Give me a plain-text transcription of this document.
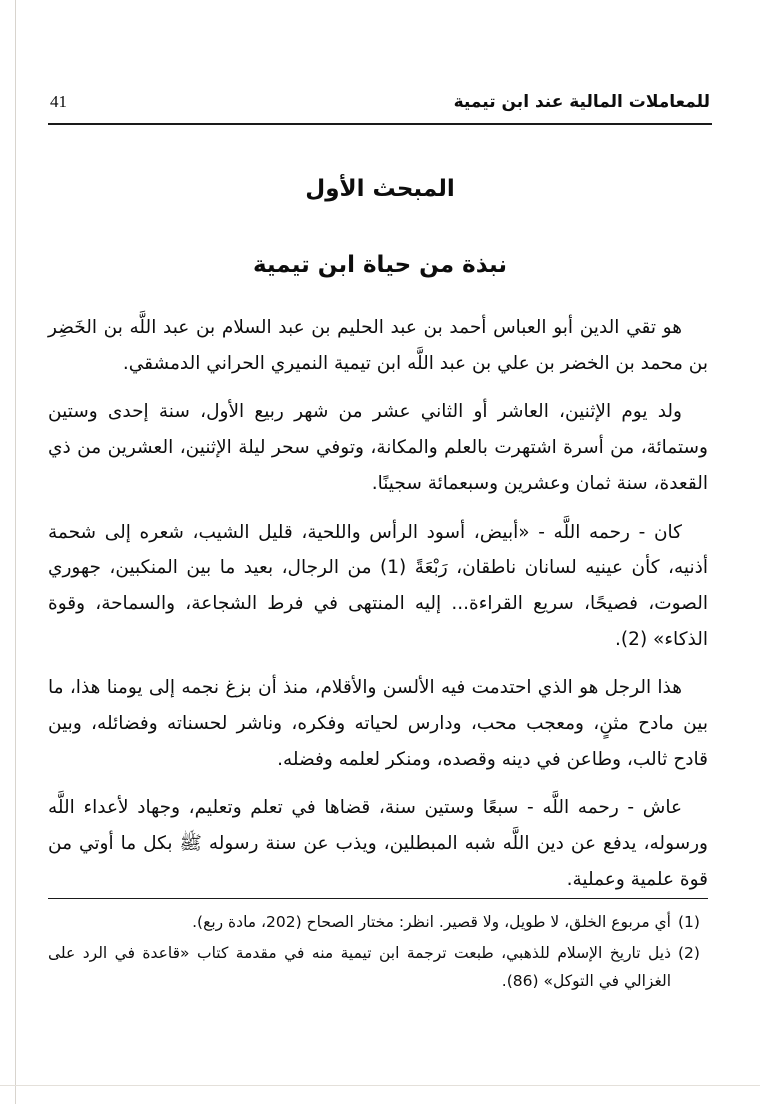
للمعاملات المالية عند ابن تيمية
41
المبحث الأول
نبذة من حياة ابن تيمية

هو تقي الدين أبو العباس أحمد بن عبد الحليم بن عبد السلام بن عبد اللَّه بن الخَضِر بن محمد بن الخضر بن علي بن عبد اللَّه ابن تيمية النميري الحراني الدمشقي.

ولد يوم الإثنين، العاشر أو الثاني عشر من شهر ربيع الأول، سنة إحدى وستين وستمائة، من أسرة اشتهرت بالعلم والمكانة، وتوفي سحر ليلة الإثنين، العشرين من ذي القعدة، سنة ثمان وعشرين وسبعمائة سجينًا.

كان - رحمه اللَّه - «أبيض، أسود الرأس واللحية، قليل الشيب، شعره إلى شحمة أذنيه، كأن عينيه لسانان ناطقان، رَبْعَةً (1) من الرجال، بعيد ما بين المنكبين، جهوري الصوت، فصيحًا، سريع القراءة... إليه المنتهى في فرط الشجاعة، والسماحة، وقوة الذكاء» (2).

هذا الرجل هو الذي احتدمت فيه الألسن والأقلام، منذ أن بزغ نجمه إلى يومنا هذا، ما بين مادح مثنٍ، ومعجب محب، ودارس لحياته وفكره، وناشر لحسناته وفضائله، وبين قادح ثالب، وطاعن في دينه وقصده، ومنكر لعلمه وفضله.

عاش - رحمه اللَّه - سبعًا وستين سنة، قضاها في تعلم وتعليم، وجهاد لأعداء اللَّه ورسوله، يدفع عن دين اللَّه شبه المبطلين، ويذب عن سنة رسوله ﷺ بكل ما أوتي من قوة علمية وعملية.

(1)
أي مربوع الخلق، لا طويل، ولا قصير. انظر: مختار الصحاح (202، مادة ربع).
(2)
ذيل تاريخ الإسلام للذهبي، طبعت ترجمة ابن تيمية منه في مقدمة كتاب «قاعدة في الرد على الغزالي في التوكل» (86).
